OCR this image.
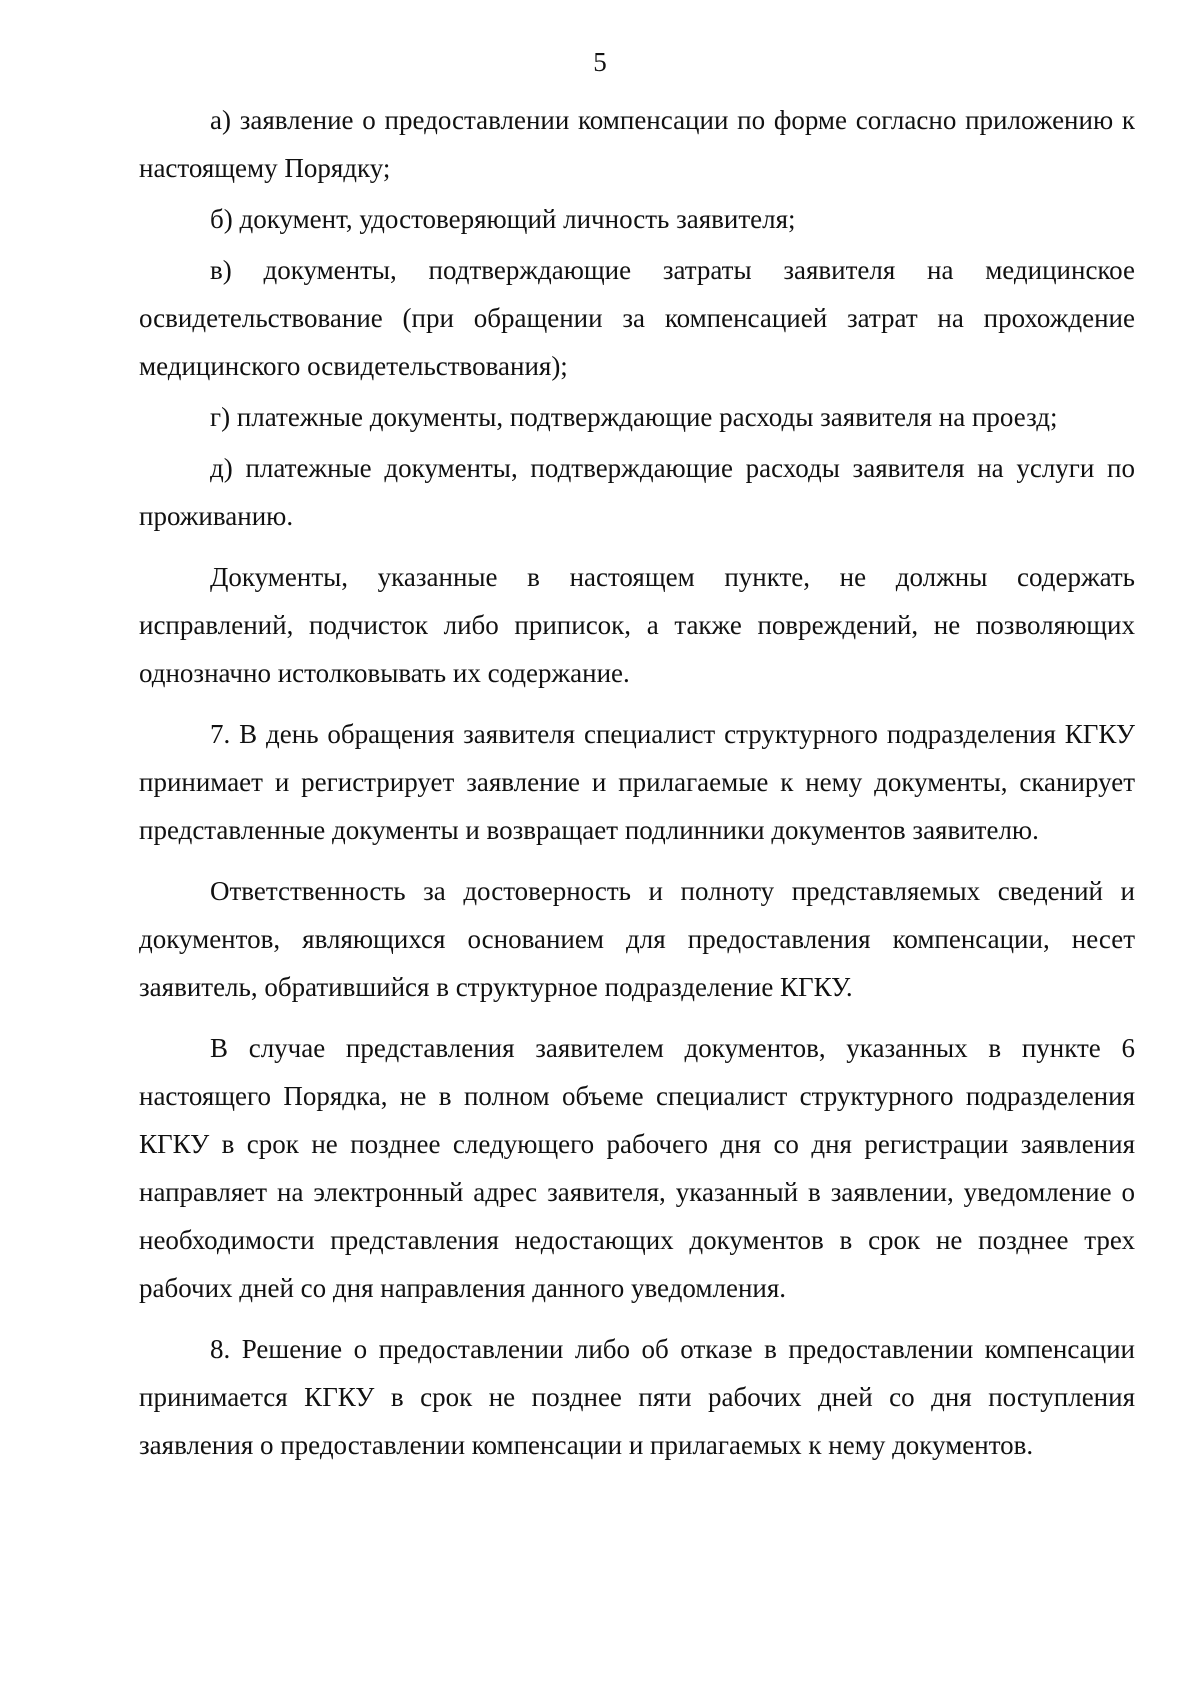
5

а) заявление о предоставлении компенсации по форме согласно приложению к настоящему Порядку;

б) документ, удостоверяющий личность заявителя;

в) документы, подтверждающие затраты заявителя на медицинское освидетельствование (при обращении за компенсацией затрат на прохождение медицинского освидетельствования);

г) платежные документы, подтверждающие расходы заявителя на проезд;

д) платежные документы, подтверждающие расходы заявителя на услуги по проживанию.

Документы, указанные в настоящем пункте, не должны содержать исправлений, подчисток либо приписок, а также повреждений, не позволяющих однозначно истолковывать их содержание.

7. В день обращения заявителя специалист структурного подразделения КГКУ принимает и регистрирует заявление и прилагаемые к нему документы, сканирует представленные документы и возвращает подлинники документов заявителю.

Ответственность за достоверность и полноту представляемых сведений и документов, являющихся основанием для предоставления компенсации, несет заявитель, обратившийся в структурное подразделение КГКУ.

В случае представления заявителем документов, указанных в пункте 6 настоящего Порядка, не в полном объеме специалист структурного подразделения КГКУ в срок не позднее следующего рабочего дня со дня регистрации заявления направляет на электронный адрес заявителя, указанный в заявлении, уведомление о необходимости представления недостающих документов в срок не позднее трех рабочих дней со дня направления данного уведомления.

8. Решение о предоставлении либо об отказе в предоставлении компенсации принимается КГКУ в срок не позднее пяти рабочих дней со дня поступления заявления о предоставлении компенсации и прилагаемых к нему документов.
